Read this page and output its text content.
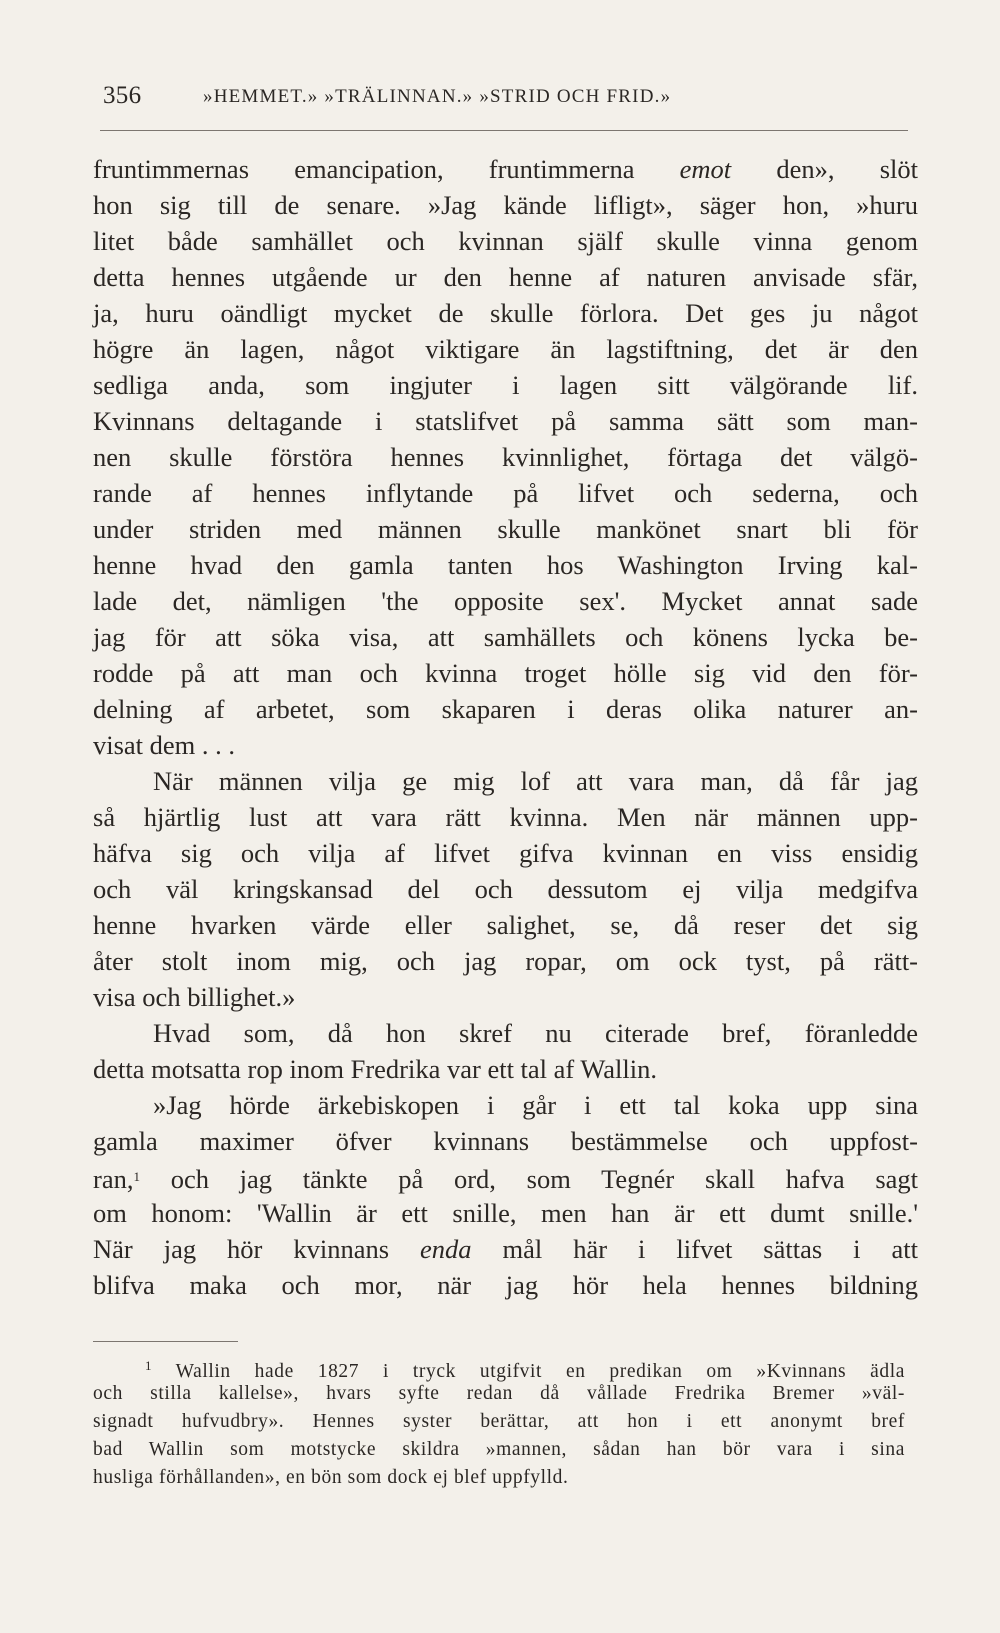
356	»HEMMET.» »TRÄLINNAN.» »STRID OCH FRID.»
fruntimmernas emancipation, fruntimmerna emot den», slöt
hon sig till de senare. »Jag kände lifligt», säger hon, »huru
litet både samhället och kvinnan själf skulle vinna genom
detta hennes utgående ur den henne af naturen anvisade sfär,
ja, huru oändligt mycket de skulle förlora. Det ges ju något
högre än lagen, något viktigare än lagstiftning, det är den
sedliga anda, som ingjuter i lagen sitt välgörande lif.
Kvinnans deltagande i statslifvet på samma sätt som man-
nen skulle förstöra hennes kvinnlighet, förtaga det välgö-
rande af hennes inflytande på lifvet och sederna, och
under striden med männen skulle mankönet snart bli för
henne hvad den gamla tanten hos Washington Irving kal-
lade det, nämligen 'the opposite sex'. Mycket annat sade
jag för att söka visa, att samhällets och könens lycka be-
rodde på att man och kvinna troget hölle sig vid den för-
delning af arbetet, som skaparen i deras olika naturer an-
visat dem . . .
När männen vilja ge mig lof att vara man, då får jag
så hjärtlig lust att vara rätt kvinna. Men när männen upp-
häfva sig och vilja af lifvet gifva kvinnan en viss ensidig
och väl kringskansad del och dessutom ej vilja medgifva
henne hvarken värde eller salighet, se, då reser det sig
åter stolt inom mig, och jag ropar, om ock tyst, på rätt-
visa och billighet.»
Hvad som, då hon skref nu citerade bref, föranledde
detta motsatta rop inom Fredrika var ett tal af Wallin.
»Jag hörde ärkebiskopen i går i ett tal koka upp sina
gamla maximer öfver kvinnans bestämmelse och uppfost-
ran,$^1$ och jag tänkte på ord, som Tegnér skall hafva sagt
om honom: 'Wallin är ett snille, men han är ett dumt snille.'
När jag hör kvinnans enda mål här i lifvet sättas i att
blifva maka och mor, när jag hör hela hennes bildning
$^1$ Wallin hade 1827 i tryck utgifvit en predikan om »Kvinnans ädla
och stilla kallelse», hvars syfte redan då vållade Fredrika Bremer »väl-
signadt hufvudbry». Hennes syster berättar, att hon i ett anonymt bref
bad Wallin som motstycke skildra »mannen, sådan han bör vara i sina
husliga förhållanden», en bön som dock ej blef uppfylld.
